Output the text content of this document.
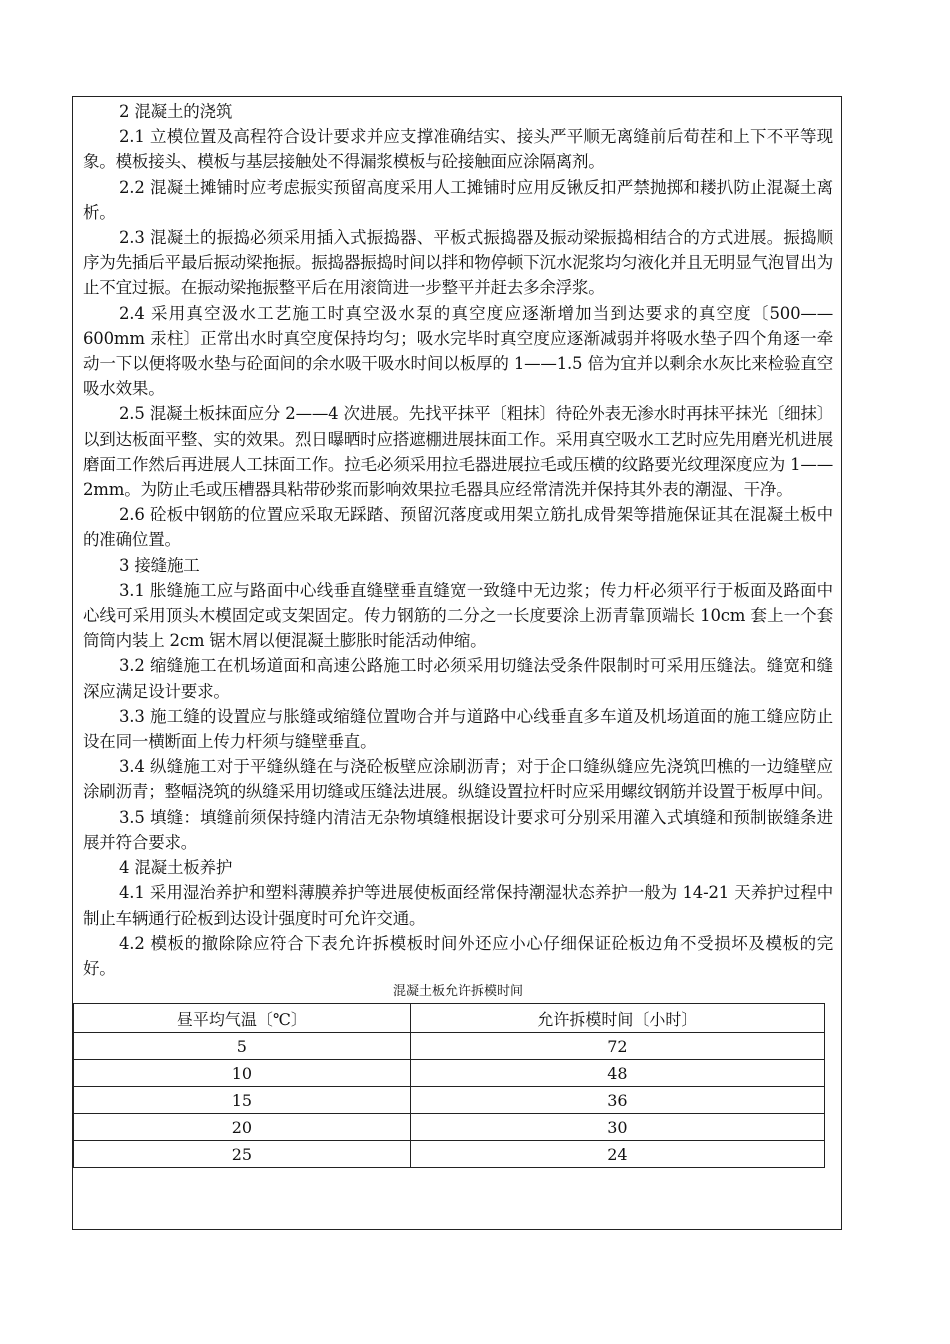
2 混凝土的浇筑

2.1 立模位置及高程符合设计要求并应支撑准确结实、接头严平顺无离缝前后荀茬和上下不平等现象。模板接头、模板与基层接触处不得漏浆模板与砼接触面应涂隔离剂。

2.2 混凝土摊铺时应考虑振实预留高度采用人工摊铺时应用反锹反扣严禁抛掷和耧扒防止混凝土离析。

2.3 混凝土的振捣必须采用插入式振捣器、平板式振捣器及振动梁振捣相结合的方式进展。振捣顺序为先插后平最后振动梁拖振。振捣器振捣时间以拌和物停顿下沉水泥浆均匀液化并且无明显气泡冒出为止不宜过振。在振动梁拖振整平后在用滚筒进一步整平并赶去多余浮浆。

2.4 采用真空汲水工艺施工时真空汲水泵的真空度应逐渐增加当到达要求的真空度〔500——600mm 汞柱〕正常出水时真空度保持均匀；吸水完毕时真空度应逐渐减弱并将吸水垫子四个角逐一牵动一下以便将吸水垫与砼面间的余水吸干吸水时间以板厚的 1——1.5 倍为宜并以剩余水灰比来检验直空吸水效果。

2.5 混凝土板抹面应分 2——4 次进展。先找平抹平〔粗抹〕待砼外表无渗水时再抹平抹光〔细抹〕以到达板面平整、实的效果。烈日曝晒时应搭遮棚进展抹面工作。采用真空吸水工艺时应先用磨光机进展磨面工作然后再进展人工抹面工作。拉毛必须采用拉毛器进展拉毛或压横的纹路要光纹理深度应为 1——2mm。为防止毛或压槽器具粘带砂浆而影响效果拉毛器具应经常清洗并保持其外表的潮湿、干净。

2.6 砼板中钢筋的位置应采取无踩踏、预留沉落度或用架立筋扎成骨架等措施保证其在混凝土板中的准确位置。

3 接缝施工

3.1 胀缝施工应与路面中心线垂直缝壁垂直缝宽一致缝中无边浆；传力杆必须平行于板面及路面中心线可采用顶头木模固定或支架固定。传力钢筋的二分之一长度要涂上沥青靠顶端长 10cm 套上一个套筒筒内装上 2cm 锯木屑以便混凝土膨胀时能活动伸缩。

3.2 缩缝施工在机场道面和高速公路施工时必须采用切缝法受条件限制时可采用压缝法。缝宽和缝深应满足设计要求。

3.3 施工缝的设置应与胀缝或缩缝位置吻合并与道路中心线垂直多车道及机场道面的施工缝应防止设在同一横断面上传力杆须与缝壁垂直。

3.4 纵缝施工对于平缝纵缝在与浇砼板壁应涂刷沥青；对于企口缝纵缝应先浇筑凹樵的一边缝壁应涂刷沥青；整幅浇筑的纵缝采用切缝或压缝法进展。纵缝设置拉杆时应采用螺纹钢筋并设置于板厚中间。

3.5 填缝：填缝前须保持缝内清洁无杂物填缝根据设计要求可分别采用灌入式填缝和预制嵌缝条进展并符合要求。

4 混凝土板养护

4.1 采用湿治养护和塑料薄膜养护等进展使板面经常保持潮湿状态养护一般为 14-21 天养护过程中制止车辆通行砼板到达设计强度时可允许交通。

4.2 模板的撤除除应符合下表允许拆模板时间外还应小心仔细保证砼板边角不受损坏及模板的完好。

混凝土板允许拆模时间
昼平均气温〔℃〕	允许拆模时间〔小时〕
5	72
10	48
15	36
20	30
25	24
